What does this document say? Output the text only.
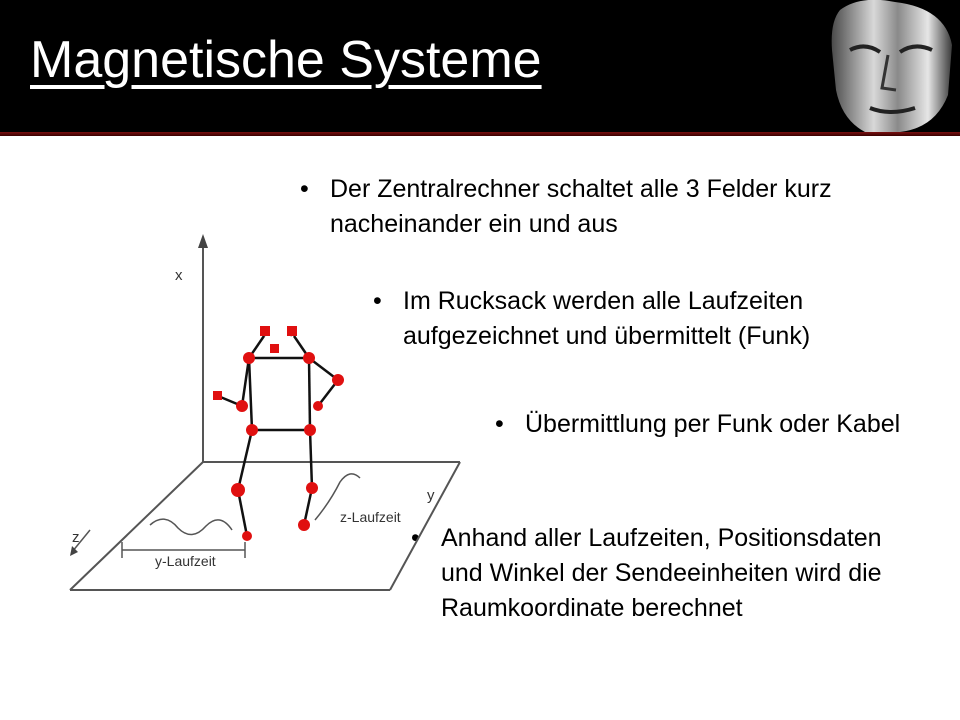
Magnetische Systeme
Der Zentralrechner schaltet alle 3 Felder kurz nacheinander ein und aus
Im Rucksack werden alle Laufzeiten aufgezeichnet und übermittelt (Funk)
Übermittlung per Funk oder Kabel
Anhand aller Laufzeiten, Positionsdaten und Winkel der Sendeeinheiten wird die Raumkoordinate berechnet
x
y
z
y-Laufzeit
z-Laufzeit
